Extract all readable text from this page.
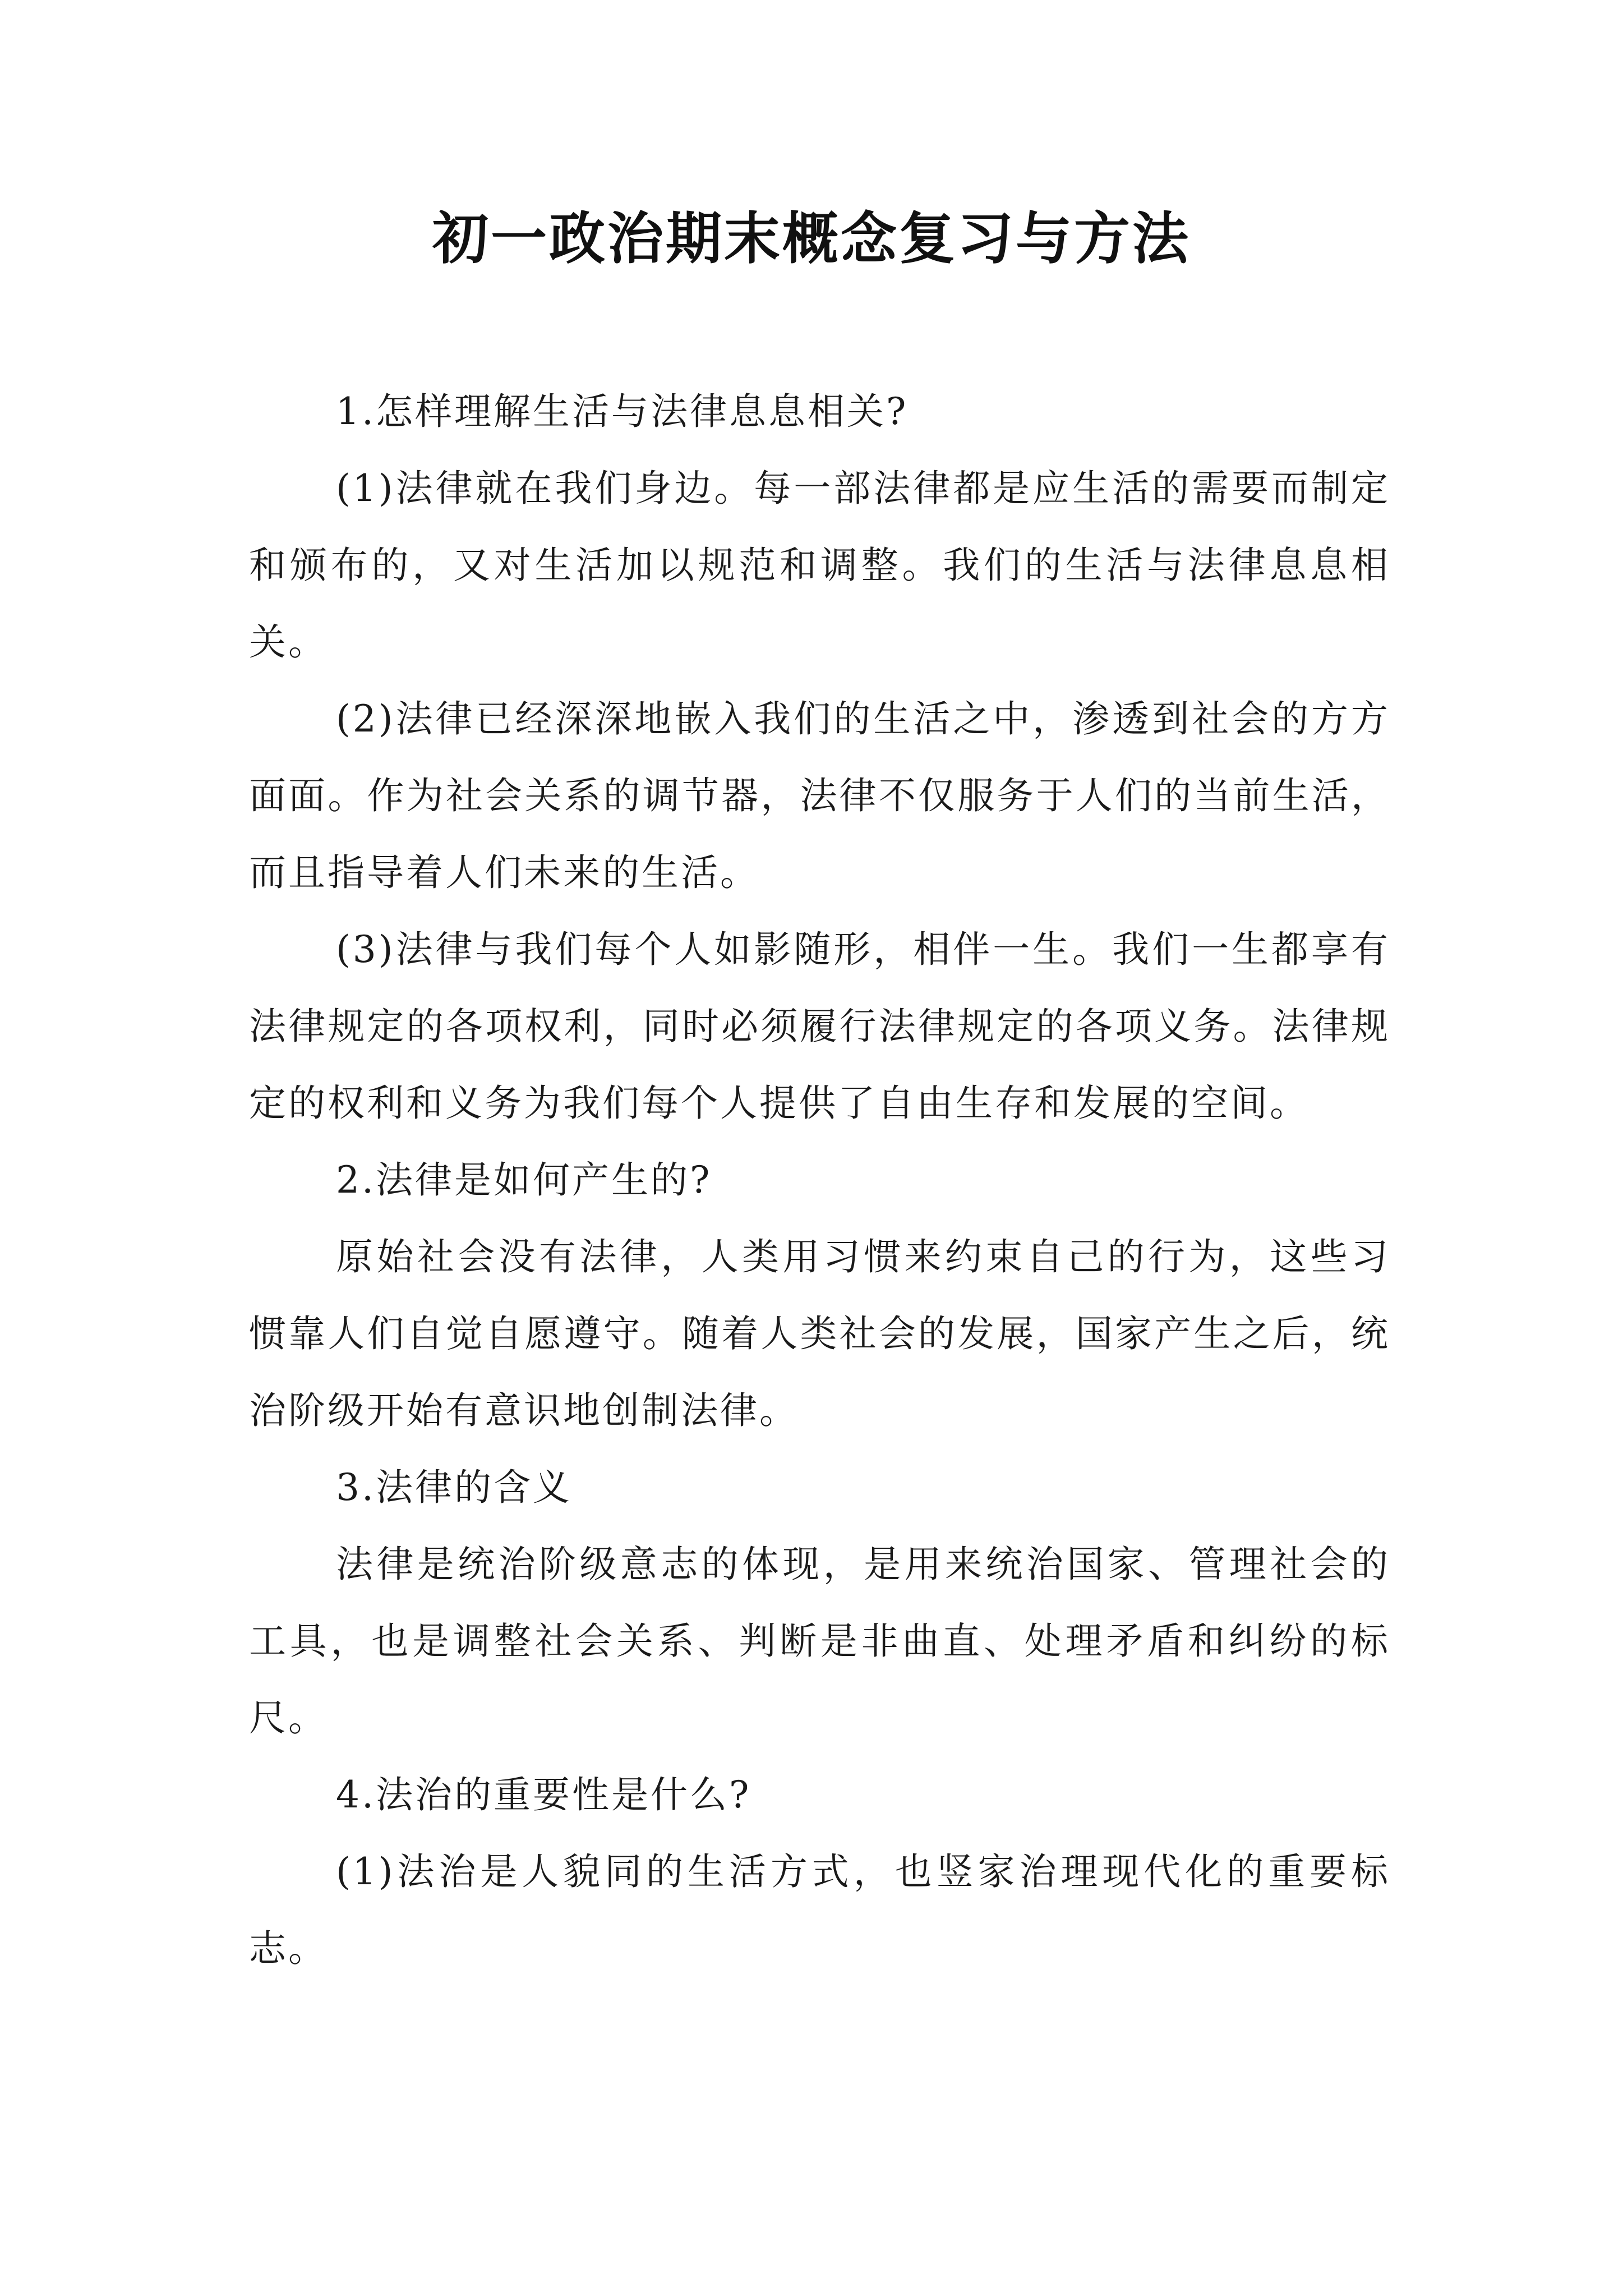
初一政治期末概念复习与方法

1.怎样理解生活与法律息息相关?

(1)法律就在我们身边。每一部法律都是应生活的需要而制定和颁布的，又对生活加以规范和调整。我们的生活与法律息息相关。

(2)法律已经深深地嵌入我们的生活之中，渗透到社会的方方面面。作为社会关系的调节器，法律不仅服务于人们的当前生活，而且指导着人们未来的生活。

(3)法律与我们每个人如影随形，相伴一生。我们一生都享有法律规定的各项权利，同时必须履行法律规定的各项义务。法律规定的权利和义务为我们每个人提供了自由生存和发展的空间。

2.法律是如何产生的?

原始社会没有法律，人类用习惯来约束自己的行为，这些习惯靠人们自觉自愿遵守。随着人类社会的发展，国家产生之后，统治阶级开始有意识地创制法律。

3.法律的含义

法律是统治阶级意志的体现，是用来统治国家、管理社会的工具，也是调整社会关系、判断是非曲直、处理矛盾和纠纷的标尺。

4.法治的重要性是什么?

(1)法治是人貌同的生活方式，也竖家治理现代化的重要标志。
